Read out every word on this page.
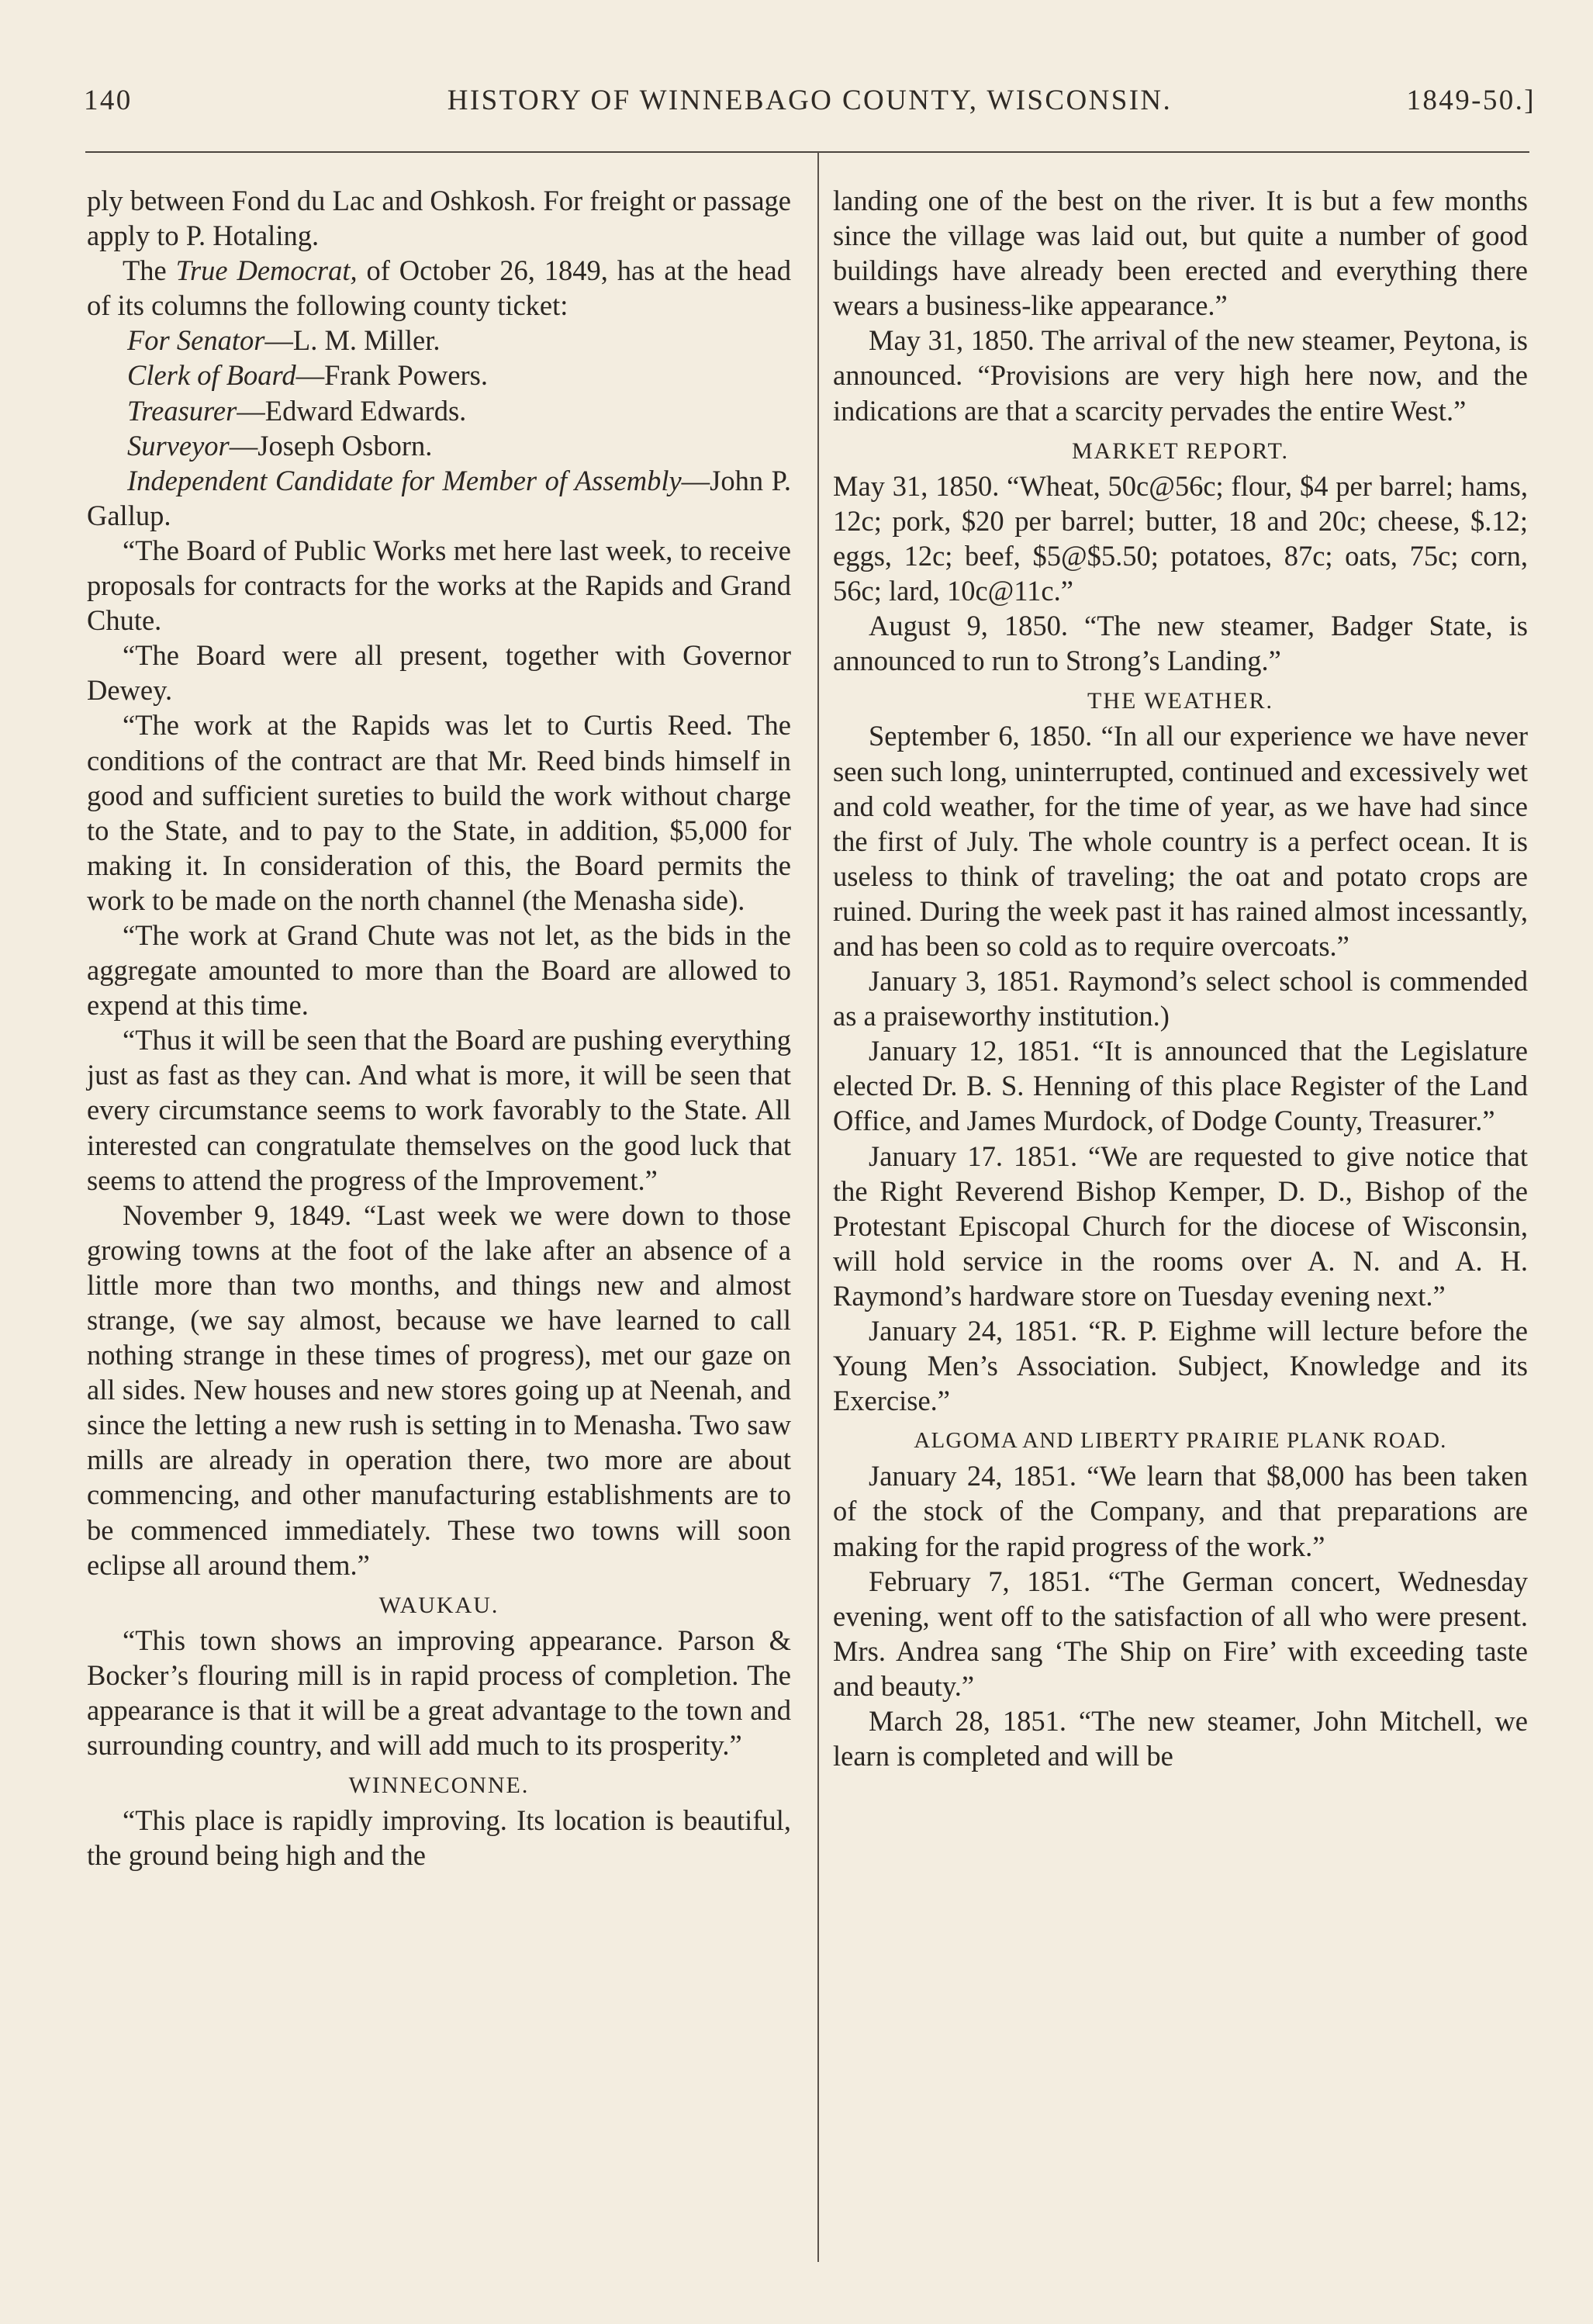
140	HISTORY OF WINNEBAGO COUNTY, WISCONSIN.	1849-50.]

ply between Fond du Lac and Oshkosh. For freight or passage apply to P. Hotaling.

The True Democrat, of October 26, 1849, has at the head of its columns the following county ticket:

For Senator—L. M. Miller.

Clerk of Board—Frank Powers.

Treasurer—Edward Edwards.

Surveyor—Joseph Osborn.

Independent Candidate for Member of Assembly—John P. Gallup.

“The Board of Public Works met here last week, to receive proposals for contracts for the works at the Rapids and Grand Chute.

“The Board were all present, together with Governor Dewey.

“The work at the Rapids was let to Curtis Reed. The conditions of the contract are that Mr. Reed binds himself in good and sufficient sureties to build the work without charge to the State, and to pay to the State, in addition, $5,000 for making it. In consideration of this, the Board permits the work to be made on the north channel (the Menasha side).

“The work at Grand Chute was not let, as the bids in the aggregate amounted to more than the Board are allowed to expend at this time.

“Thus it will be seen that the Board are pushing everything just as fast as they can. And what is more, it will be seen that every circumstance seems to work favorably to the State. All interested can congratulate themselves on the good luck that seems to attend the progress of the Improvement.”

November 9, 1849. “Last week we were down to those growing towns at the foot of the lake after an absence of a little more than two months, and things new and almost strange, (we say almost, because we have learned to call nothing strange in these times of progress), met our gaze on all sides. New houses and new stores going up at Neenah, and since the letting a new rush is setting in to Menasha. Two saw mills are already in operation there, two more are about commencing, and other manufacturing establishments are to be commenced immediately. These two towns will soon eclipse all around them.”

WAUKAU.

“This town shows an improving appearance. Parson & Bocker’s flouring mill is in rapid process of completion. The appearance is that it will be a great advantage to the town and surrounding country, and will add much to its prosperity.”

WINNECONNE.

“This place is rapidly improving. Its location is beautiful, the ground being high and the

landing one of the best on the river. It is but a few months since the village was laid out, but quite a number of good buildings have already been erected and everything there wears a business-like appearance.”

May 31, 1850. The arrival of the new steamer, Peytona, is announced. “Provisions are very high here now, and the indications are that a scarcity pervades the entire West.”

MARKET REPORT.

May 31, 1850. “Wheat, 50c@56c; flour, $4 per barrel; hams, 12c; pork, $20 per barrel; butter, 18 and 20c; cheese, $.12; eggs, 12c; beef, $5@$5.50; potatoes, 87c; oats, 75c; corn, 56c; lard, 10c@11c.”

August 9, 1850. “The new steamer, Badger State, is announced to run to Strong’s Landing.”

THE WEATHER.

September 6, 1850. “In all our experience we have never seen such long, uninterrupted, continued and excessively wet and cold weather, for the time of year, as we have had since the first of July. The whole country is a perfect ocean. It is useless to think of traveling; the oat and potato crops are ruined. During the week past it has rained almost incessantly, and has been so cold as to require overcoats.”

January 3, 1851. Raymond’s select school is commended as a praiseworthy institution.)

January 12, 1851. “It is announced that the Legislature elected Dr. B. S. Henning of this place Register of the Land Office, and James Murdock, of Dodge County, Treasurer.”

January 17. 1851. “We are requested to give notice that the Right Reverend Bishop Kemper, D. D., Bishop of the Protestant Episcopal Church for the diocese of Wisconsin, will hold service in the rooms over A. N. and A. H. Raymond’s hardware store on Tuesday evening next.”

January 24, 1851. “R. P. Eighme will lecture before the Young Men’s Association. Subject, Knowledge and its Exercise.”

ALGOMA AND LIBERTY PRAIRIE PLANK ROAD.

January 24, 1851. “We learn that $8,000 has been taken of the stock of the Company, and that preparations are making for the rapid progress of the work.”

February 7, 1851. “The German concert, Wednesday evening, went off to the satisfaction of all who were present. Mrs. Andrea sang ‘The Ship on Fire’ with exceeding taste and beauty.”

March 28, 1851. “The new steamer, John Mitchell, we learn is completed and will be
